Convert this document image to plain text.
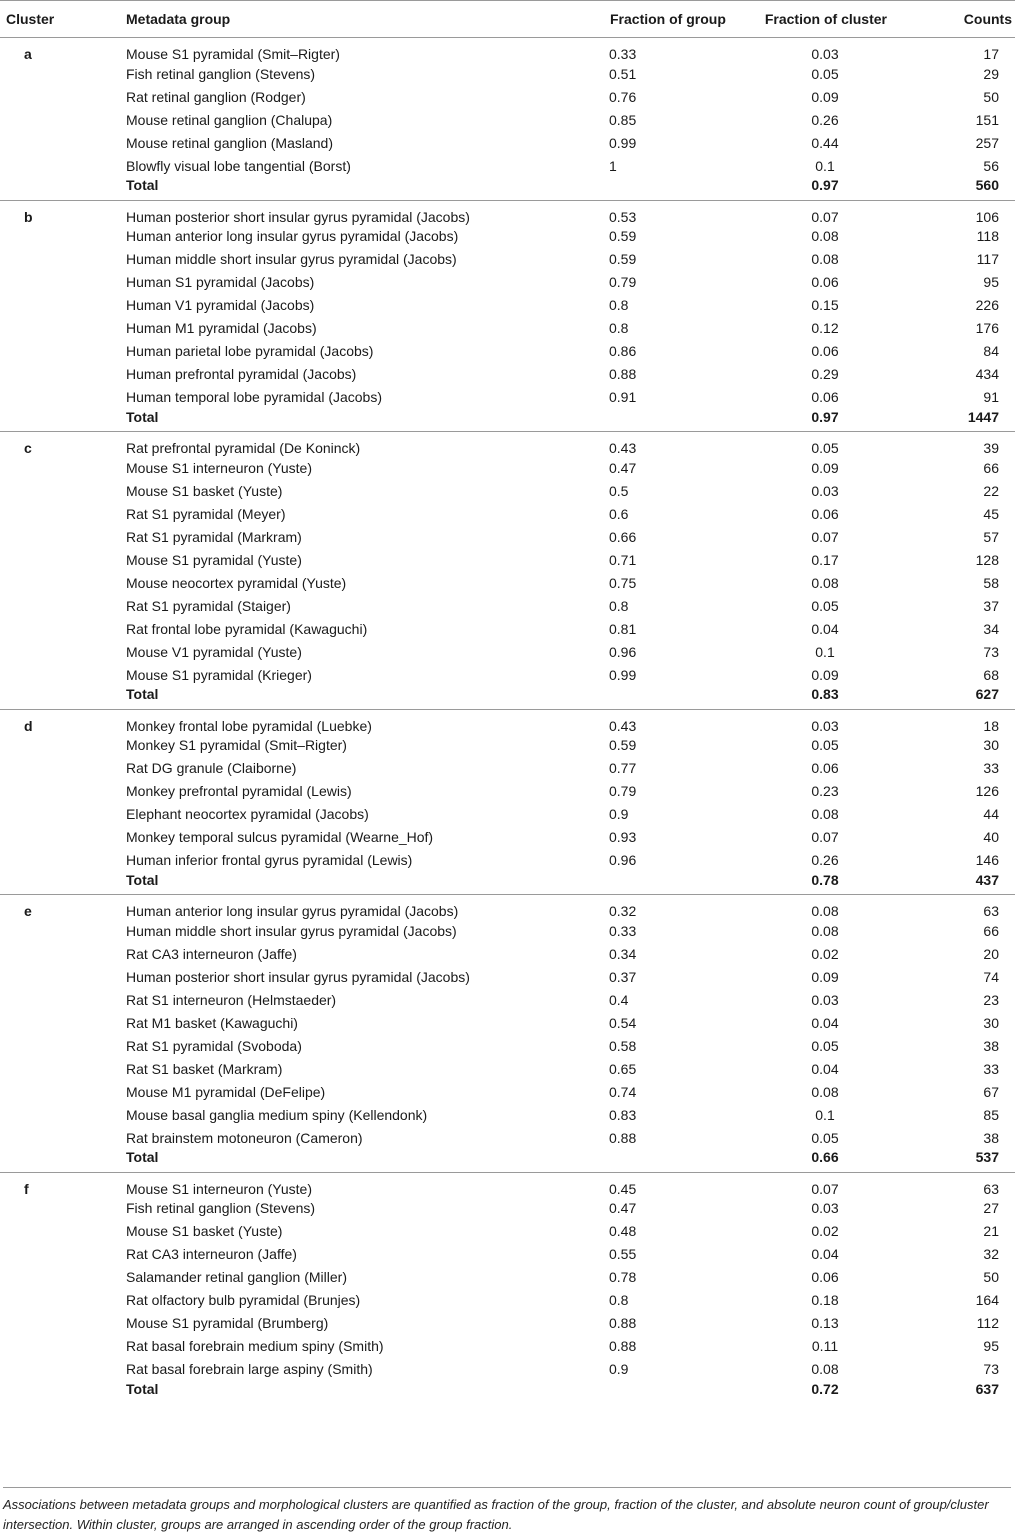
Cluster	Metadata group	Fraction of group	Fraction of cluster	Counts
a	Mouse S1 pyramidal (Smit–Rigter)	0.33	0.03	17
	Fish retinal ganglion (Stevens)	0.51	0.05	29
	Rat retinal ganglion (Rodger)	0.76	0.09	50
	Mouse retinal ganglion (Chalupa)	0.85	0.26	151
	Mouse retinal ganglion (Masland)	0.99	0.44	257
	Blowfly visual lobe tangential (Borst)	1	0.1	56
	Total		0.97	560
b	Human posterior short insular gyrus pyramidal (Jacobs)	0.53	0.07	106
	Human anterior long insular gyrus pyramidal (Jacobs)	0.59	0.08	118
	Human middle short insular gyrus pyramidal (Jacobs)	0.59	0.08	117
	Human S1 pyramidal (Jacobs)	0.79	0.06	95
	Human V1 pyramidal (Jacobs)	0.8	0.15	226
	Human M1 pyramidal (Jacobs)	0.8	0.12	176
	Human parietal lobe pyramidal (Jacobs)	0.86	0.06	84
	Human prefrontal pyramidal (Jacobs)	0.88	0.29	434
	Human temporal lobe pyramidal (Jacobs)	0.91	0.06	91
	Total		0.97	1447
c	Rat prefrontal pyramidal (De Koninck)	0.43	0.05	39
	Mouse S1 interneuron (Yuste)	0.47	0.09	66
	Mouse S1 basket (Yuste)	0.5	0.03	22
	Rat S1 pyramidal (Meyer)	0.6	0.06	45
	Rat S1 pyramidal (Markram)	0.66	0.07	57
	Mouse S1 pyramidal (Yuste)	0.71	0.17	128
	Mouse neocortex pyramidal (Yuste)	0.75	0.08	58
	Rat S1 pyramidal (Staiger)	0.8	0.05	37
	Rat frontal lobe pyramidal (Kawaguchi)	0.81	0.04	34
	Mouse V1 pyramidal (Yuste)	0.96	0.1	73
	Mouse S1 pyramidal (Krieger)	0.99	0.09	68
	Total		0.83	627
d	Monkey frontal lobe pyramidal (Luebke)	0.43	0.03	18
	Monkey S1 pyramidal (Smit–Rigter)	0.59	0.05	30
	Rat DG granule (Claiborne)	0.77	0.06	33
	Monkey prefrontal pyramidal (Lewis)	0.79	0.23	126
	Elephant neocortex pyramidal (Jacobs)	0.9	0.08	44
	Monkey temporal sulcus pyramidal (Wearne_Hof)	0.93	0.07	40
	Human inferior frontal gyrus pyramidal (Lewis)	0.96	0.26	146
	Total		0.78	437
e	Human anterior long insular gyrus pyramidal (Jacobs)	0.32	0.08	63
	Human middle short insular gyrus pyramidal (Jacobs)	0.33	0.08	66
	Rat CA3 interneuron (Jaffe)	0.34	0.02	20
	Human posterior short insular gyrus pyramidal (Jacobs)	0.37	0.09	74
	Rat S1 interneuron (Helmstaeder)	0.4	0.03	23
	Rat M1 basket (Kawaguchi)	0.54	0.04	30
	Rat S1 pyramidal (Svoboda)	0.58	0.05	38
	Rat S1 basket (Markram)	0.65	0.04	33
	Mouse M1 pyramidal (DeFelipe)	0.74	0.08	67
	Mouse basal ganglia medium spiny (Kellendonk)	0.83	0.1	85
	Rat brainstem motoneuron (Cameron)	0.88	0.05	38
	Total		0.66	537
f	Mouse S1 interneuron (Yuste)	0.45	0.07	63
	Fish retinal ganglion (Stevens)	0.47	0.03	27
	Mouse S1 basket (Yuste)	0.48	0.02	21
	Rat CA3 interneuron (Jaffe)	0.55	0.04	32
	Salamander retinal ganglion (Miller)	0.78	0.06	50
	Rat olfactory bulb pyramidal (Brunjes)	0.8	0.18	164
	Mouse S1 pyramidal (Brumberg)	0.88	0.13	112
	Rat basal forebrain medium spiny (Smith)	0.88	0.11	95
	Rat basal forebrain large aspiny (Smith)	0.9	0.08	73
	Total		0.72	637
Associations between metadata groups and morphological clusters are quantified as fraction of the group, fraction of the cluster, and absolute neuron count of group/cluster intersection. Within cluster, groups are arranged in ascending order of the group fraction.
